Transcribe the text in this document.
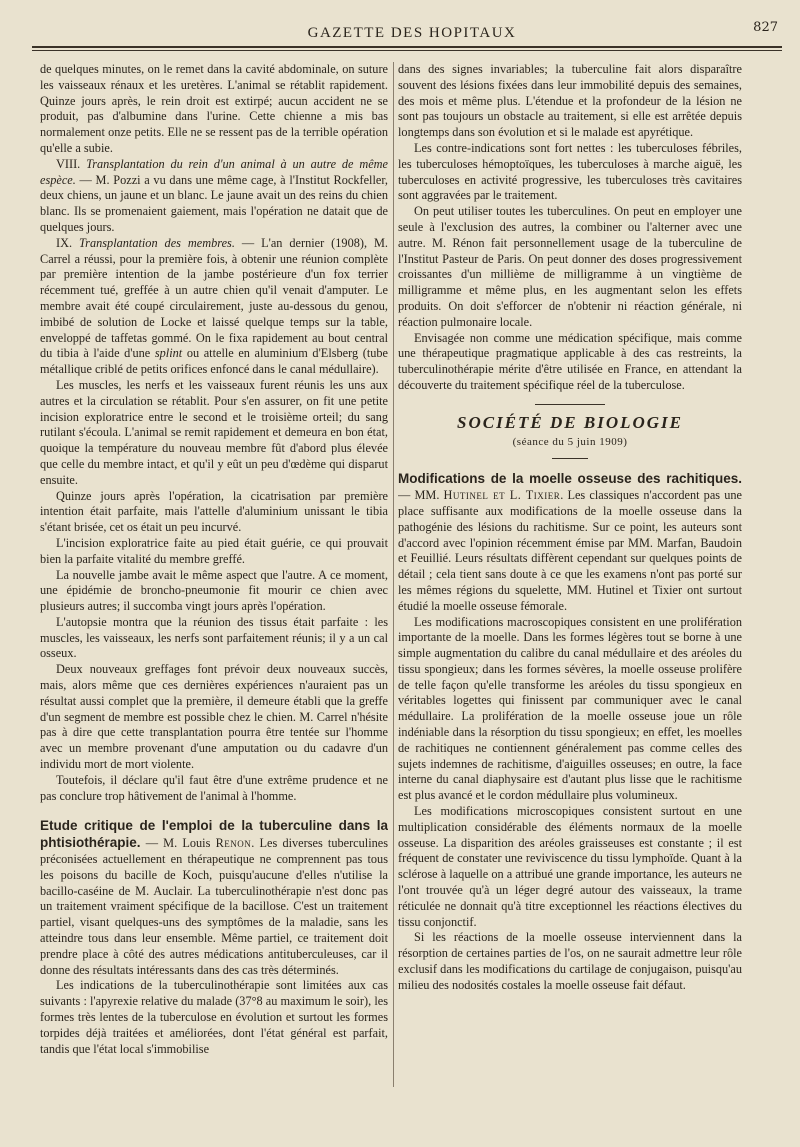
GAZETTE DES HOPITAUX	827

de quelques minutes, on le remet dans la cavité abdominale, on suture les vaisseaux rénaux et les uretères. L'animal se rétablit rapidement. Quinze jours après, le rein droit est extirpé; aucun accident ne se produit, pas d'albumine dans l'urine. Cette chienne a mis bas normalement onze petits. Elle ne se ressent pas de la terrible opération qu'elle a subie.

VIII. Transplantation du rein d'un animal à un autre de même espèce. — M. Pozzi a vu dans une même cage, à l'Institut Rockfeller, deux chiens, un jaune et un blanc. Le jaune avait un des reins du chien blanc. Ils se promenaient gaiement, mais l'opération ne datait que de quelques jours.

IX. Transplantation des membres. — L'an dernier (1908), M. Carrel a réussi, pour la première fois, à obtenir une réunion complète par première intention de la jambe postérieure d'un fox terrier récemment tué, greffée à un autre chien qu'il venait d'amputer. Le membre avait été coupé circulairement, juste au-dessous du genou, imbibé de solution de Locke et laissé quelque temps sur la table, enveloppé de taffetas gommé. On le fixa rapidement au bout central du tibia à l'aide d'une splint ou attelle en aluminium d'Elsberg (tube métallique criblé de petits orifices enfoncé dans le canal médullaire).

Les muscles, les nerfs et les vaisseaux furent réunis les uns aux autres et la circulation se rétablit. Pour s'en assurer, on fit une petite incision exploratrice entre le second et le troisième orteil; du sang rutilant s'écoula. L'animal se remit rapidement et demeura en bon état, quoique la température du nouveau membre fût d'abord plus élevée que celle du membre intact, et qu'il y eût un peu d'œdème qui disparut ensuite.

Quinze jours après l'opération, la cicatrisation par première intention était parfaite, mais l'attelle d'aluminium unissant le tibia s'étant brisée, cet os était un peu incurvé.

L'incision exploratrice faite au pied était guérie, ce qui prouvait bien la parfaite vitalité du membre greffé.

La nouvelle jambe avait le même aspect que l'autre. A ce moment, une épidémie de broncho-pneumonie fit mourir ce chien avec plusieurs autres; il succomba vingt jours après l'opération.

L'autopsie montra que la réunion des tissus était parfaite : les muscles, les vaisseaux, les nerfs sont parfaitement réunis; il y a un cal osseux.

Deux nouveaux greffages font prévoir deux nouveaux succès, mais, alors même que ces dernières expériences n'auraient pas un résultat aussi complet que la première, il demeure établi que la greffe d'un segment de membre est possible chez le chien. M. Carrel n'hésite pas à dire que cette transplantation pourra être tentée sur l'homme avec un membre provenant d'une amputation ou du cadavre d'un individu mort de mort violente.

Toutefois, il déclare qu'il faut être d'une extrême prudence et ne pas conclure trop hâtivement de l'animal à l'homme.

Etude critique de l'emploi de la tuberculine dans la phtisiothérapie. — M. Louis Renon. Les diverses tuberculines préconisées actuellement en thérapeutique ne comprennent pas tous les poisons du bacille de Koch, puisqu'aucune d'elles n'utilise la bacillo-caséine de M. Auclair. La tuberculinothérapie n'est donc pas un traitement vraiment spécifique de la bacillose. C'est un traitement partiel, visant quelques-uns des symptômes de la maladie, sans les atteindre tous dans leur ensemble. Même partiel, ce traitement doit prendre place à côté des autres médications antituberculeuses, car il donne des résultats intéressants dans des cas très déterminés.

Les indications de la tuberculinothérapie sont limitées aux cas suivants : l'apyrexie relative du malade (37°8 au maximum le soir), les formes très lentes de la tuberculose en évolution et surtout les formes torpides déjà traitées et améliorées, dont l'état général est parfait, tandis que l'état local s'immobilise

dans des signes invariables; la tuberculine fait alors disparaître souvent des lésions fixées dans leur immobilité depuis des semaines, des mois et même plus. L'étendue et la profondeur de la lésion ne sont pas toujours un obstacle au traitement, si elle est arrêtée depuis longtemps dans son évolution et si le malade est apyrétique.

Les contre-indications sont fort nettes : les tuberculoses fébriles, les tuberculoses hémoptoïques, les tuberculoses à marche aiguë, les tuberculoses en activité progressive, les tuberculoses très cavitaires sont aggravées par le traitement.

On peut utiliser toutes les tuberculines. On peut en employer une seule à l'exclusion des autres, la combiner ou l'alterner avec une autre. M. Rénon fait personnellement usage de la tuberculine de l'Institut Pasteur de Paris. On peut donner des doses progressivement croissantes d'un millième de milligramme à un vingtième de milligramme et même plus, en les augmentant selon les effets produits. On doit s'efforcer de n'obtenir ni réaction générale, ni réaction pulmonaire locale.

Envisagée non comme une médication spécifique, mais comme une thérapeutique pragmatique applicable à des cas restreints, la tuberculinothérapie mérite d'être utilisée en France, en attendant la découverte du traitement spécifique réel de la tuberculose.

SOCIÉTÉ DE BIOLOGIE
(séance du 5 juin 1909)

Modifications de la moelle osseuse des rachitiques. — MM. Hutinel et L. Tixier. Les classiques n'accordent pas une place suffisante aux modifications de la moelle osseuse dans la pathogénie des lésions du rachitisme. Sur ce point, les auteurs sont d'accord avec l'opinion récemment émise par MM. Marfan, Baudoin et Feuillié. Leurs résultats diffèrent cependant sur quelques points de détail ; cela tient sans doute à ce que les examens n'ont pas porté sur les mêmes régions du squelette, MM. Hutinel et Tixier ont surtout étudié la moelle osseuse fémorale.

Les modifications macroscopiques consistent en une prolifération importante de la moelle. Dans les formes légères tout se borne à une simple augmentation du calibre du canal médullaire et des aréoles du tissu spongieux; dans les formes sévères, la moelle osseuse prolifère de telle façon qu'elle transforme les aréoles du tissu spongieux en véritables logettes qui finissent par communiquer avec le canal médullaire. La prolifération de la moelle osseuse joue un rôle indéniable dans la résorption du tissu spongieux; en effet, les moelles de rachitiques ne contiennent généralement pas comme celles des sujets indemnes de rachitisme, d'aiguilles osseuses; en outre, la face interne du canal diaphysaire est d'autant plus lisse que le rachitisme est plus avancé et le cordon médullaire plus volumineux.

Les modifications microscopiques consistent surtout en une multiplication considérable des éléments normaux de la moelle osseuse. La disparition des aréoles graisseuses est constante ; il est fréquent de constater une reviviscence du tissu lymphoïde. Quant à la sclérose à laquelle on a attribué une grande importance, les auteurs ne l'ont trouvée qu'à un léger degré autour des vaisseaux, la trame réticulée ne donnait qu'à titre exceptionnel les réactions électives du tissu conjonctif.

Si les réactions de la moelle osseuse interviennent dans la résorption de certaines parties de l'os, on ne saurait admettre leur rôle exclusif dans les modifications du cartilage de conjugaison, puisqu'au milieu des nodosités costales la moelle osseuse fait défaut.
